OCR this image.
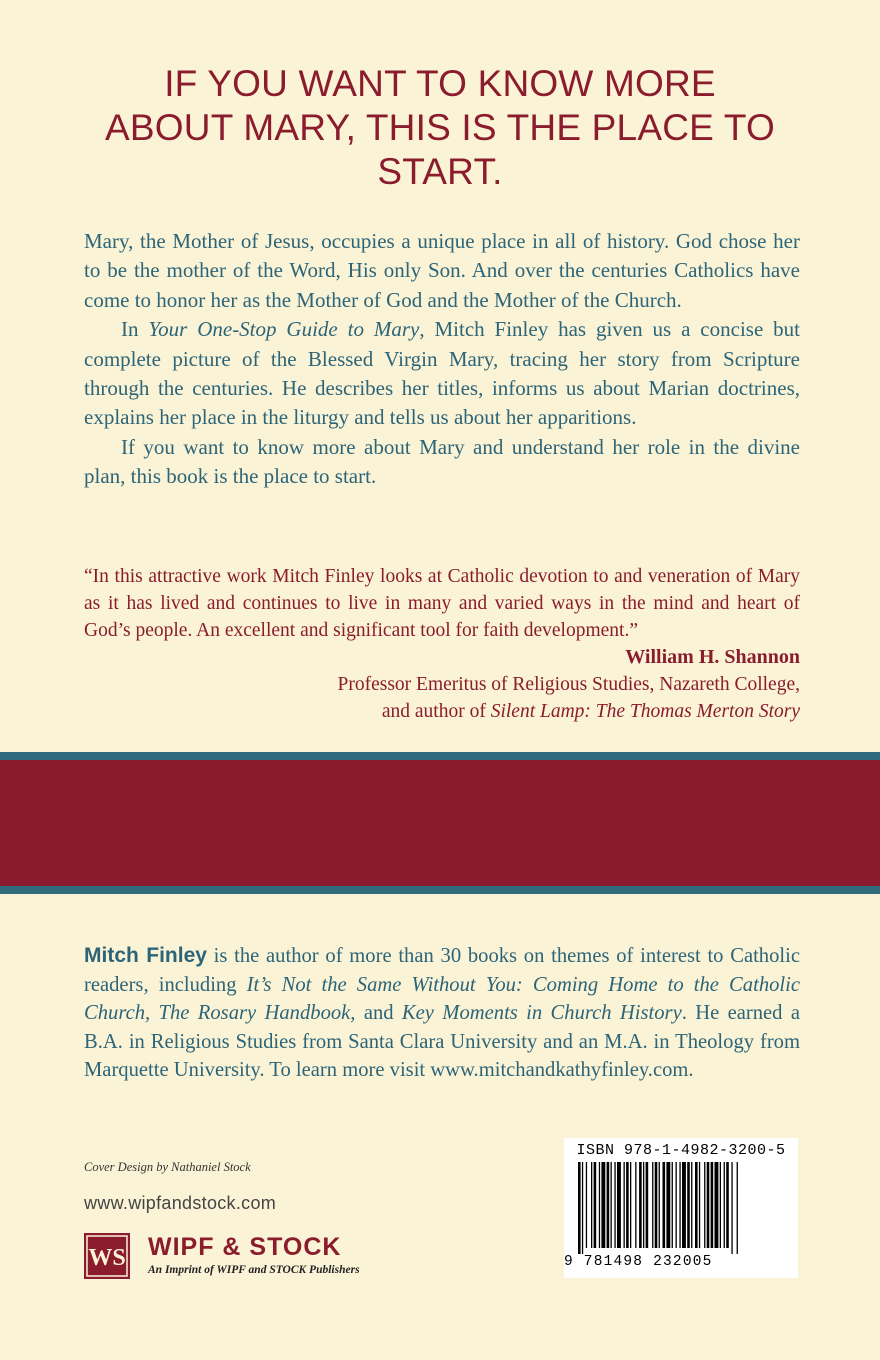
IF YOU WANT TO KNOW MORE
ABOUT MARY, THIS IS THE PLACE TO
START.

Mary, the Mother of Jesus, occupies a unique place in all of history. God chose her to be the mother of the Word, His only Son. And over the centuries Catholics have come to honor her as the Mother of God and the Mother of the Church.

In Your One-Stop Guide to Mary, Mitch Finley has given us a concise but complete picture of the Blessed Virgin Mary, tracing her story from Scripture through the centuries. He describes her titles, informs us about Marian doctrines, explains her place in the liturgy and tells us about her apparitions.

If you want to know more about Mary and understand her role in the divine plan, this book is the place to start.

“In this attractive work Mitch Finley looks at Catholic devotion to and veneration of Mary as it has lived and continues to live in many and varied ways in the mind and heart of God’s people. An excellent and significant tool for faith development.”

William H. Shannon
Professor Emeritus of Religious Studies, Nazareth College,
and author of Silent Lamp: The Thomas Merton Story

Mitch Finley is the author of more than 30 books on themes of interest to Catholic readers, including It’s Not the Same Without You: Coming Home to the Catholic Church, The Rosary Handbook, and Key Moments in Church History. He earned a B.A. in Religious Studies from Santa Clara University and an M.A. in Theology from Marquette University. To learn more visit www.mitchandkathyfinley.com.

Cover Design by Nathaniel Stock
www.wipfandstock.com
WS WIPF & STOCK
An Imprint of WIPF and STOCK Publishers
ISBN 978-1-4982-3200-5
9 781498 232005
